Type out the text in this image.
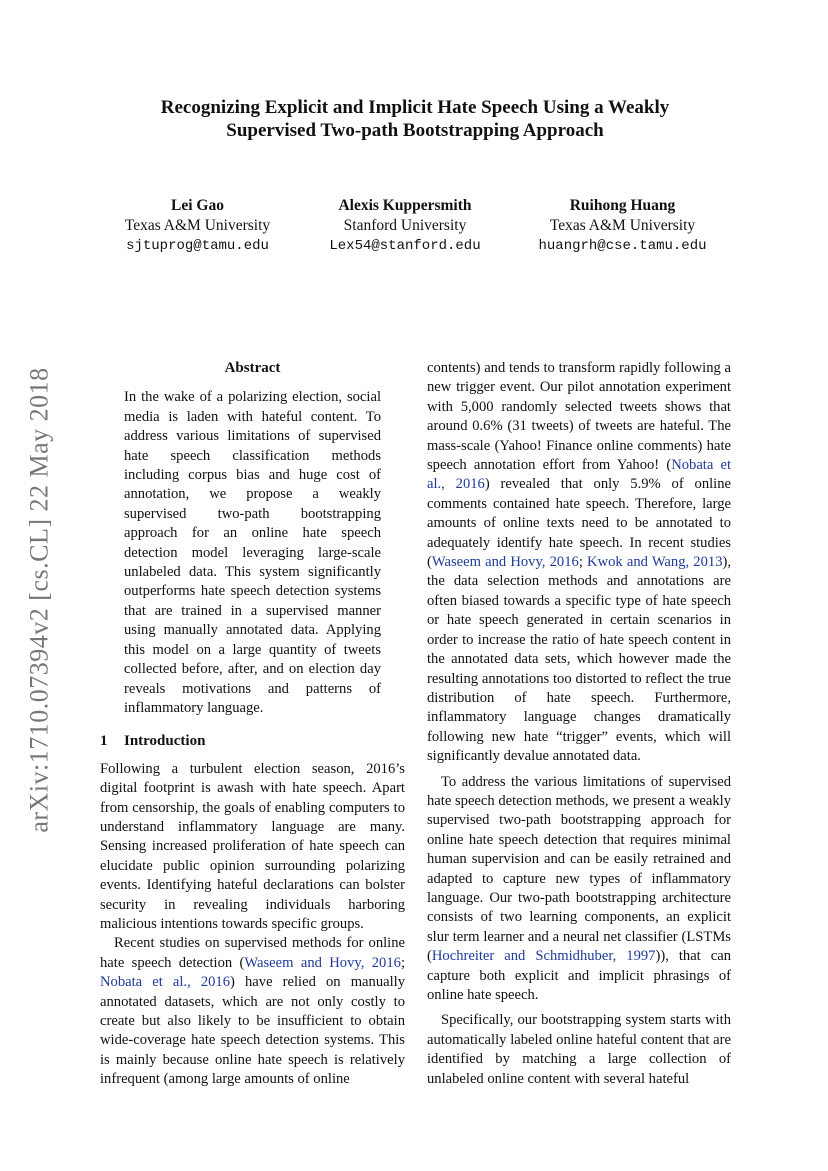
arXiv:1710.07394v2 [cs.CL] 22 May 2018
Recognizing Explicit and Implicit Hate Speech Using a Weakly
Supervised Two-path Bootstrapping Approach
Lei Gao
Texas A&M University
sjtuprog@tamu.edu
Alexis Kuppersmith
Stanford University
Lex54@stanford.edu
Ruihong Huang
Texas A&M University
huangrh@cse.tamu.edu
Abstract

In the wake of a polarizing election, social media is laden with hateful content. To address various limitations of supervised hate speech classification methods including corpus bias and huge cost of annotation, we propose a weakly supervised two-path bootstrapping approach for an online hate speech detection model leveraging large-scale unlabeled data. This system significantly outperforms hate speech detection systems that are trained in a supervised manner using manually annotated data. Applying this model on a large quantity of tweets collected before, after, and on election day reveals motivations and patterns of inflammatory language.

1 Introduction

Following a turbulent election season, 2016’s digital footprint is awash with hate speech. Apart from censorship, the goals of enabling computers to understand inflammatory language are many. Sensing increased proliferation of hate speech can elucidate public opinion surrounding polarizing events. Identifying hateful declarations can bolster security in revealing individuals harboring malicious intentions towards specific groups.

Recent studies on supervised methods for online hate speech detection (Waseem and Hovy, 2016; Nobata et al., 2016) have relied on manually annotated datasets, which are not only costly to create but also likely to be insufficient to obtain wide-coverage hate speech detection systems. This is mainly because online hate speech is relatively infrequent (among large amounts of online

contents) and tends to transform rapidly following a new trigger event. Our pilot annotation experiment with 5,000 randomly selected tweets shows that around 0.6% (31 tweets) of tweets are hateful. The mass-scale (Yahoo! Finance online comments) hate speech annotation effort from Yahoo! (Nobata et al., 2016) revealed that only 5.9% of online comments contained hate speech. Therefore, large amounts of online texts need to be annotated to adequately identify hate speech. In recent studies (Waseem and Hovy, 2016; Kwok and Wang, 2013), the data selection methods and annotations are often biased towards a specific type of hate speech or hate speech generated in certain scenarios in order to increase the ratio of hate speech content in the annotated data sets, which however made the resulting annotations too distorted to reflect the true distribution of hate speech. Furthermore, inflammatory language changes dramatically following new hate “trigger” events, which will significantly devalue annotated data.

To address the various limitations of supervised hate speech detection methods, we present a weakly supervised two-path bootstrapping approach for online hate speech detection that requires minimal human supervision and can be easily retrained and adapted to capture new types of inflammatory language. Our two-path bootstrapping architecture consists of two learning components, an explicit slur term learner and a neural net classifier (LSTMs (Hochreiter and Schmidhuber, 1997)), that can capture both explicit and implicit phrasings of online hate speech.

Specifically, our bootstrapping system starts with automatically labeled online hateful content that are identified by matching a large collection of unlabeled online content with several hateful
